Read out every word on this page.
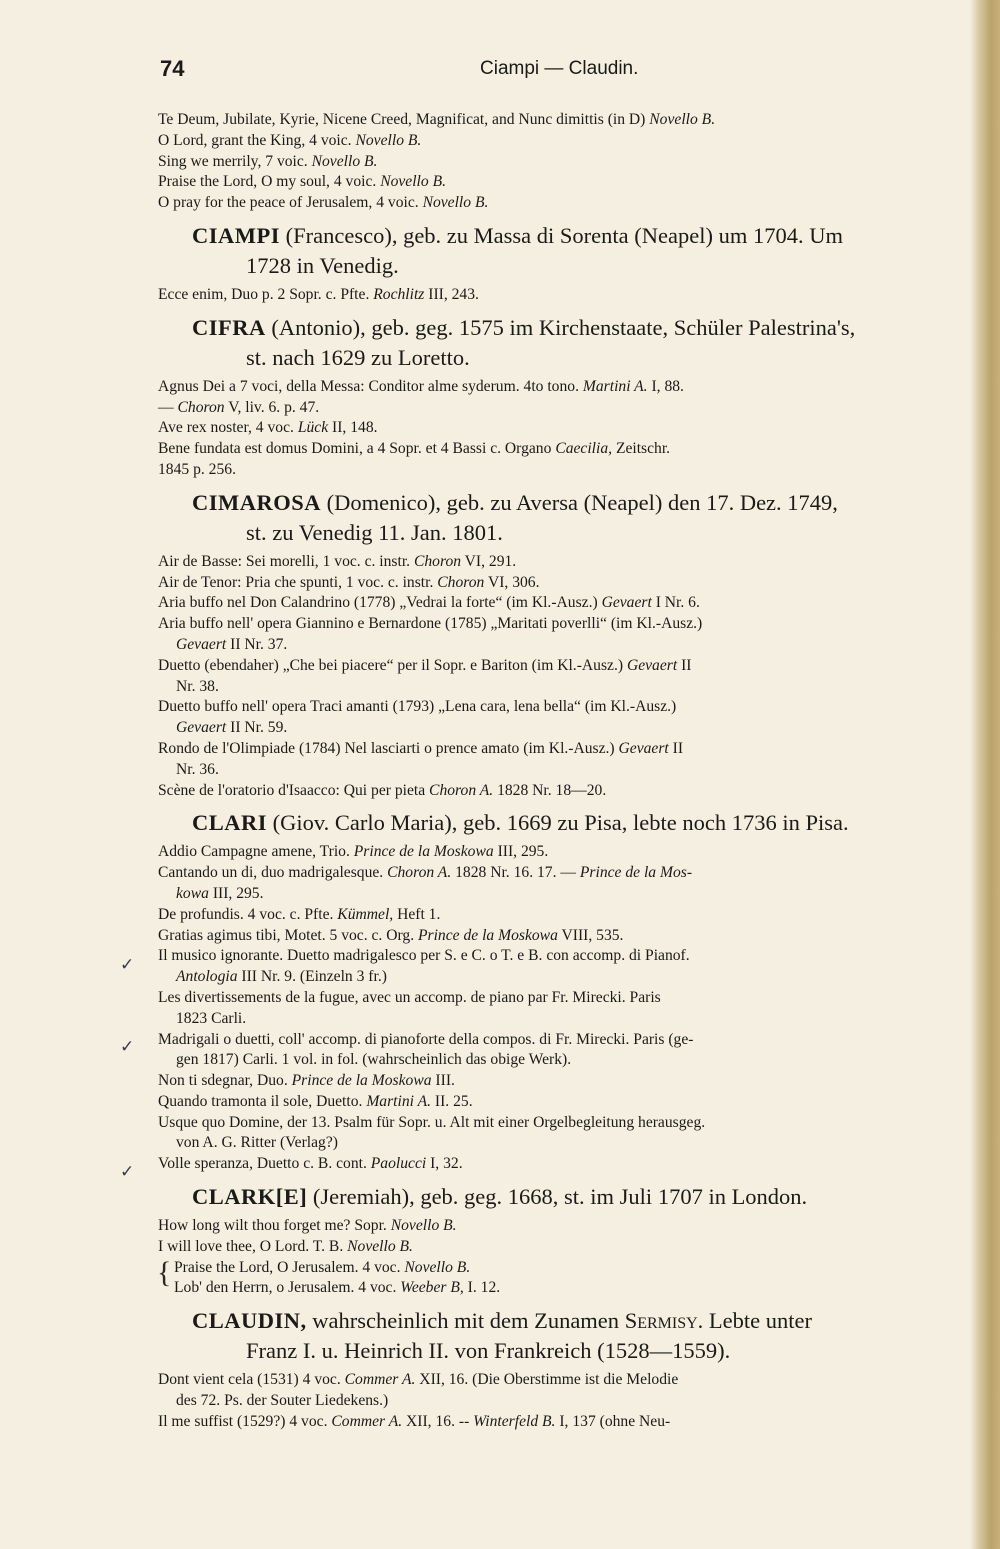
74	Ciampi — Claudin.
Te Deum, Jubilate, Kyrie, Nicene Creed, Magnificat, and Nunc dimittis (in D) Novello B.
O Lord, grant the King, 4 voic. Novello B.
Sing we merrily, 7 voic. Novello B.
Praise the Lord, O my soul, 4 voic. Novello B.
O pray for the peace of Jerusalem, 4 voic. Novello B.
CIAMPI (Francesco), geb. zu Massa di Sorenta (Neapel) um 1704. Um
1728 in Venedig.
Ecce enim, Duo p. 2 Sopr. c. Pfte. Rochlitz III, 243.
CIFRA (Antonio), geb. geg. 1575 im Kirchenstaate, Schüler Palestrina's,
st. nach 1629 zu Loretto.
Agnus Dei a 7 voci, della Messa: Conditor alme syderum. 4to tono. Martini A. I, 88.
— Choron V, liv. 6. p. 47.
Ave rex noster, 4 voc. Lück II, 148.
Bene fundata est domus Domini, a 4 Sopr. et 4 Bassi c. Organo Caecilia, Zeitschr.
1845 p. 256.
CIMAROSA (Domenico), geb. zu Aversa (Neapel) den 17. Dez. 1749,
st. zu Venedig 11. Jan. 1801.
Air de Basse: Sei morelli, 1 voc. c. instr. Choron VI, 291.
Air de Tenor: Pria che spunti, 1 voc. c. instr. Choron VI, 306.
Aria buffo nel Don Calandrino (1778) „Vedrai la forte“ (im Kl.-Ausz.) Gevaert I Nr. 6.
Aria buffo nell' opera Giannino e Bernardone (1785) „Maritati poverlli“ (im Kl.-Ausz.)
Gevaert II Nr. 37.
Duetto (ebendaher) „Che bei piacere“ per il Sopr. e Bariton (im Kl.-Ausz.) Gevaert II
Nr. 38.
Duetto buffo nell' opera Traci amanti (1793) „Lena cara, lena bella“ (im Kl.-Ausz.)
Gevaert II Nr. 59.
Rondo de l'Olimpiade (1784) Nel lasciarti o prence amato (im Kl.-Ausz.) Gevaert II
Nr. 36.
Scène de l'oratorio d'Isaacco: Qui per pieta Choron A. 1828 Nr. 18—20.
CLARI (Giov. Carlo Maria), geb. 1669 zu Pisa, lebte noch 1736 in Pisa.
Addio Campagne amene, Trio. Prince de la Moskowa III, 295.
Cantando un di, duo madrigalesque. Choron A. 1828 Nr. 16. 17. — Prince de la Mos-
kowa III, 295.
De profundis. 4 voc. c. Pfte. Kümmel, Heft 1.
Gratias agimus tibi, Motet. 5 voc. c. Org. Prince de la Moskowa VIII, 535.
Il musico ignorante. Duetto madrigalesco per S. e C. o T. e B. con accomp. di Pianof.
Antologia III Nr. 9. (Einzeln 3 fr.)
Les divertissements de la fugue, avec un accomp. de piano par Fr. Mirecki. Paris
1823 Carli.
Madrigali o duetti, coll' accomp. di pianoforte della compos. di Fr. Mirecki. Paris (ge-
gen 1817) Carli. 1 vol. in fol. (wahrscheinlich das obige Werk).
Non ti sdegnar, Duo. Prince de la Moskowa III.
Quando tramonta il sole, Duetto. Martini A. II. 25.
Usque quo Domine, der 13. Psalm für Sopr. u. Alt mit einer Orgelbegleitung herausgeg.
von A. G. Ritter (Verlag?)
Volle speranza, Duetto c. B. cont. Paolucci I, 32.
CLARK[E] (Jeremiah), geb. geg. 1668, st. im Juli 1707 in London.
How long wilt thou forget me? Sopr. Novello B.
I will love thee, O Lord. T. B. Novello B.
Praise the Lord, O Jerusalem. 4 voc. Novello B.
Lob' den Herrn, o Jerusalem. 4 voc. Weeber B, I. 12.
CLAUDIN, wahrscheinlich mit dem Zunamen Sermisy. Lebte unter
Franz I. u. Heinrich II. von Frankreich (1528—1559).
Dont vient cela (1531) 4 voc. Commer A. XII, 16. (Die Oberstimme ist die Melodie
des 72. Ps. der Souter Liedekens.)
Il me suffist (1529?) 4 voc. Commer A. XII, 16. -- Winterfeld B. I, 137 (ohne Neu-
✓
✓
✓
{
